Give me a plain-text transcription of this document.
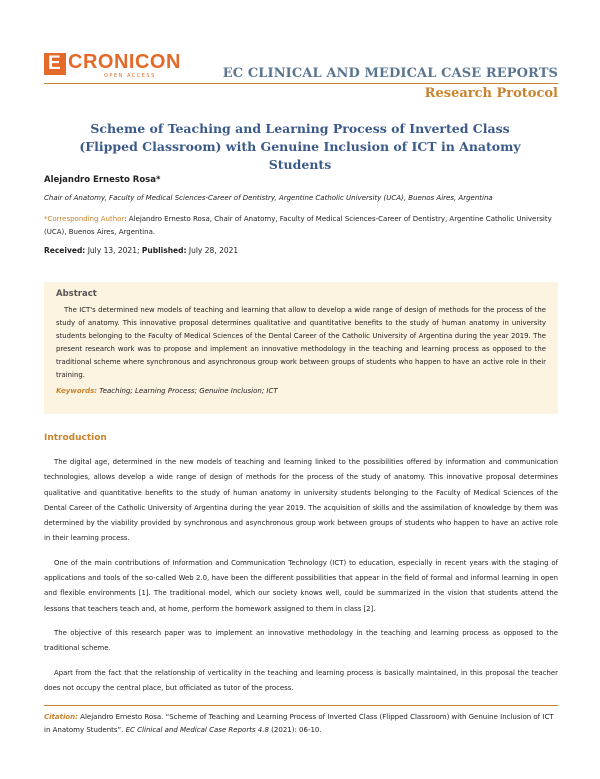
E CRONICON
OPEN ACCESS	EC CLINICAL AND MEDICAL CASE REPORTS
Research Protocol
Scheme of Teaching and Learning Process of Inverted Class (Flipped Classroom) with Genuine Inclusion of ICT in Anatomy Students
Alejandro Ernesto Rosa*
Chair of Anatomy, Faculty of Medical Sciences-Career of Dentistry, Argentine Catholic University (UCA), Buenos Aires, Argentina
*Corresponding Author: Alejandro Ernesto Rosa, Chair of Anatomy, Faculty of Medical Sciences-Career of Dentistry, Argentine Catholic University (UCA), Buenos Aires, Argentina.
Received: July 13, 2021; Published: July 28, 2021
Abstract

The ICT's determined new models of teaching and learning that allow to develop a wide range of design of methods for the process of the study of anatomy. This innovative proposal determines qualitative and quantitative benefits to the study of human anatomy in university students belonging to the Faculty of Medical Sciences of the Dental Career of the Catholic University of Argentina during the year 2019. The present research work was to propose and implement an innovative methodology in the teaching and learning process as opposed to the traditional scheme where synchronous and asynchronous group work between groups of students who happen to have an active role in their training.

Keywords: Teaching; Learning Process; Genuine Inclusion; ICT
Introduction

The digital age, determined in the new models of teaching and learning linked to the possibilities offered by information and communication technologies, allows develop a wide range of design of methods for the process of the study of anatomy. This innovative proposal determines qualitative and quantitative benefits to the study of human anatomy in university students belonging to the Faculty of Medical Sciences of the Dental Career of the Catholic University of Argentina during the year 2019. The acquisition of skills and the assimilation of knowledge by them was determined by the viability provided by synchronous and asynchronous group work between groups of students who happen to have an active role in their learning process.

One of the main contributions of Information and Communication Technology (ICT) to education, especially in recent years with the staging of applications and tools of the so-called Web 2.0, have been the different possibilities that appear in the field of formal and informal learning in open and flexible environments [1]. The traditional model, which our society knows well, could be summarized in the vision that students attend the lessons that teachers teach and, at home, perform the homework assigned to them in class [2].

The objective of this research paper was to implement an innovative methodology in the teaching and learning process as opposed to the traditional scheme.

Apart from the fact that the relationship of verticality in the teaching and learning process is basically maintained, in this proposal the teacher does not occupy the central place, but officiated as tutor of the process.

Citation: Alejandro Ernesto Rosa. “Scheme of Teaching and Learning Process of Inverted Class (Flipped Classroom) with Genuine Inclusion of ICT in Anatomy Students”. EC Clinical and Medical Case Reports 4.8 (2021): 06-10.
